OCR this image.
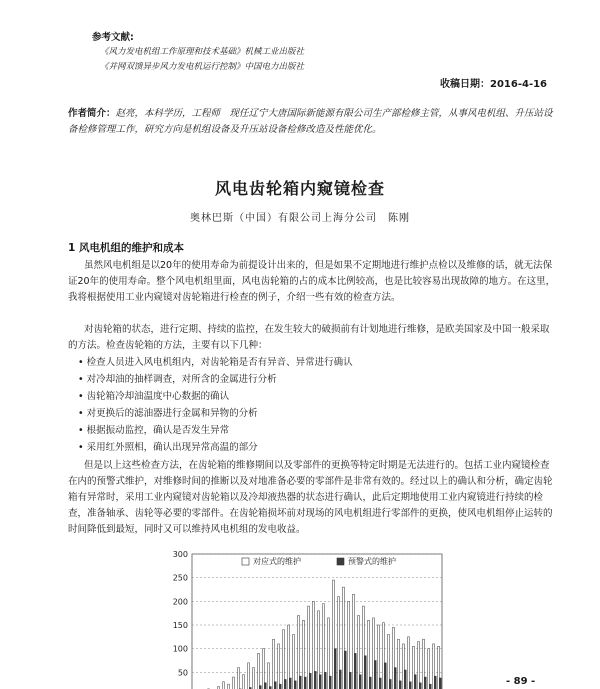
参考文献:
《风力发电机组工作原理和技术基础》机械工业出版社
《并网双馈异步风力发电机运行控制》中国电力出版社
收稿日期：2016-4-16
作者简介：赵亮，本科学历，工程师　现任辽宁大唐国际新能源有限公司生产部检修主管，从事风电机组、升压站设备检修管理工作，研究方向是机组设备及升压站设备检修改造及性能优化。
风电齿轮箱内窥镜检查
奥林巴斯（中国）有限公司上海分公司　陈刚
1 风电机组的维护和成本

虽然风电机组是以20年的使用寿命为前提设计出来的，但是如果不定期地进行维护点检以及维修的话，就无法保证20年的使用寿命。整个风电机组里面，风电齿轮箱的占的成本比例较高，也是比较容易出现故障的地方。在这里，我将根据使用工业内窥镜对齿轮箱进行检查的例子，介绍一些有效的检查方法。

对齿轮箱的状态，进行定期、持续的监控，在发生较大的破损前有计划地进行维修，是欧美国家及中国一般采取的方法。检查齿轮箱的方法，主要有以下几种：

• 检查人员进入风电机组内，对齿轮箱是否有异音、异常进行确认
• 对冷却油的抽样调查，对所含的金属进行分析
• 齿轮箱冷却油温度中心数据的确认
• 对更换后的滤油器进行金属和异物的分析
• 根据振动监控，确认是否发生异常
• 采用红外照相，确认出现异常高温的部分

但是以上这些检查方法，在齿轮箱的维修期间以及零部件的更换等特定时期是无法进行的。包括工业内窥镜检查在内的预警式维护，对维修时间的推断以及对地准备必要的零部件是非常有效的。经过以上的确认和分析，确定齿轮箱有异常时，采用工业内窥镜对齿轮箱以及冷却液热器的状态进行确认，此后定期地使用工业内窥镜进行持续的检查，准备轴承、齿轮等必要的零部件。在齿轮箱损坏前对现场的风电机组进行零部件的更换，使风电机组停止运转的时间降低到最短，同时又可以维持风电机组的发电收益。

50
100
150
200
250
300
对应式的维护	预警式的维护
- 89 -
